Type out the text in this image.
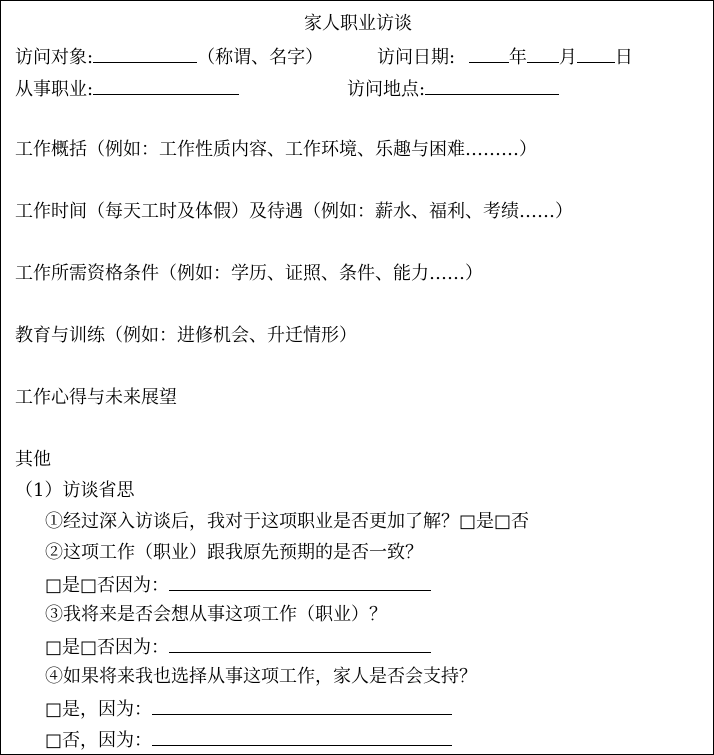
家人职业访谈
访问对象:	（称谓、名字）	访问日期:	年 月 日
从事职业:	访问地点:
工作概括（例如：工作性质内容、工作环境、乐趣与困难………）
工作时间（每天工时及体假）及待遇（例如：薪水、福利、考绩……）
工作所需资格条件（例如：学历、证照、条件、能力……）
教育与训练（例如：进修机会、升迁情形）
工作心得与未来展望
其他
（1）访谈省思
①经过深入访谈后，我对于这项职业是否更加了解？□是□否
②这项工作（职业）跟我原先预期的是否一致？
□是□否因为：
③我将来是否会想从事这项工作（职业）？
□是□否因为：
④如果将来我也选择从事这项工作，家人是否会支持？
□是，因为：
□否，因为：
